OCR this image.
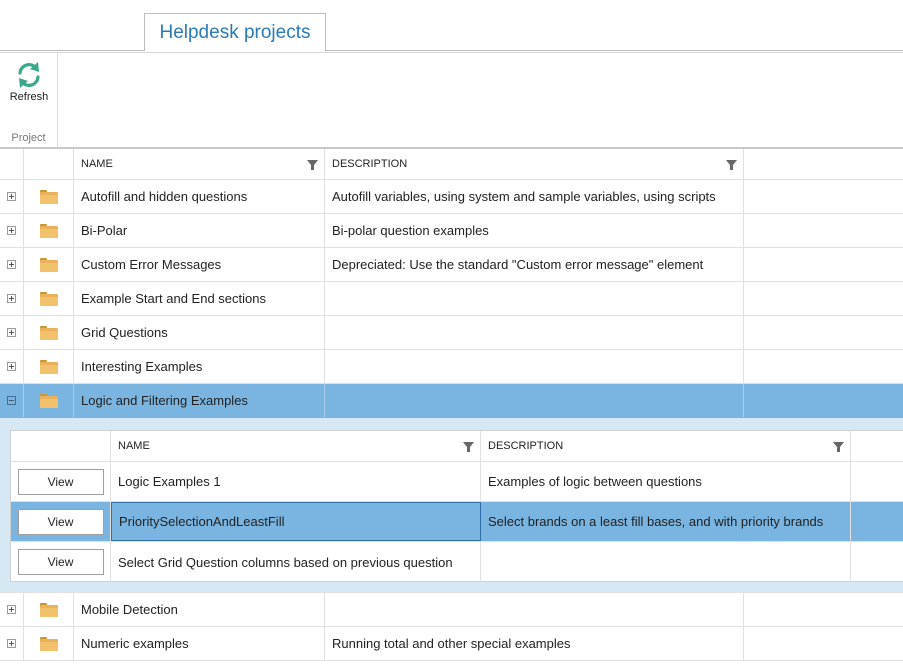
Helpdesk projects
Refresh
Project
NAME	DESCRIPTION
Autofill and hidden questions	Autofill variables, using system and sample variables, using scripts
Bi-Polar	Bi-polar question examples
Custom Error Messages	Depreciated: Use the standard "Custom error message" element
Example Start and End sections
Grid Questions
Interesting Examples
Logic and Filtering Examples
NAME	DESCRIPTION
View	Logic Examples 1	Examples of logic between questions
View	PrioritySelectionAndLeastFill	Select brands on a least fill bases, and with priority brands
View	Select Grid Question columns based on previous question
Mobile Detection
Numeric examples	Running total and other special examples
